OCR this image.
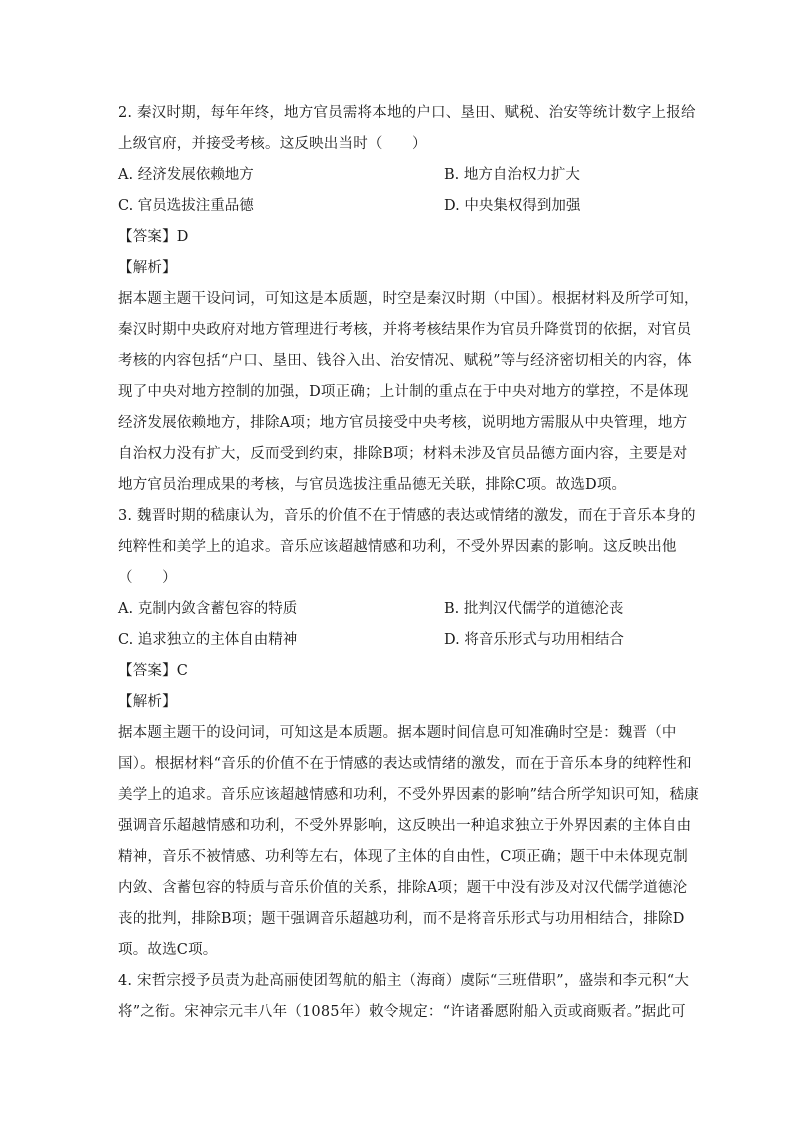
2. 秦汉时期，每年年终，地方官员需将本地的户口、垦田、赋税、治安等统计数字上报给
上级官府，并接受考核。这反映出当时（　　）
A. 经济发展依赖地方	B. 地方自治权力扩大
C. 官员选拔注重品德	D. 中央集权得到加强
【答案】D
【解析】
据本题主题干设问词，可知这是本质题，时空是秦汉时期（中国）。根据材料及所学可知，
秦汉时期中央政府对地方管理进行考核，并将考核结果作为官员升降赏罚的依据，对官员
考核的内容包括“户口、垦田、钱谷入出、治安情况、赋税”等与经济密切相关的内容，体
现了中央对地方控制的加强，D项正确；上计制的重点在于中央对地方的掌控，不是体现
经济发展依赖地方，排除A项；地方官员接受中央考核，说明地方需服从中央管理，地方
自治权力没有扩大，反而受到约束，排除B项；材料未涉及官员品德方面内容，主要是对
地方官员治理成果的考核，与官员选拔注重品德无关联，排除C项。故选D项。
3. 魏晋时期的嵇康认为，音乐的价值不在于情感的表达或情绪的激发，而在于音乐本身的
纯粹性和美学上的追求。音乐应该超越情感和功利，不受外界因素的影响。这反映出他
（　　）
A. 克制内敛含蓄包容的特质	B. 批判汉代儒学的道德沦丧
C. 追求独立的主体自由精神	D. 将音乐形式与功用相结合
【答案】C
【解析】
据本题主题干的设问词，可知这是本质题。据本题时间信息可知准确时空是：魏晋（中
国）。根据材料“音乐的价值不在于情感的表达或情绪的激发，而在于音乐本身的纯粹性和
美学上的追求。音乐应该超越情感和功利，不受外界因素的影响”结合所学知识可知，嵇康
强调音乐超越情感和功利，不受外界影响，这反映出一种追求独立于外界因素的主体自由
精神，音乐不被情感、功利等左右，体现了主体的自由性，C项正确；题干中未体现克制
内敛、含蓄包容的特质与音乐价值的关系，排除A项；题干中没有涉及对汉代儒学道德沦
丧的批判，排除B项；题干强调音乐超越功利，而不是将音乐形式与功用相结合，排除D
项。故选C项。
4. 宋哲宗授予员责为赴高丽使团驾航的船主（海商）虞际“三班借职”，盛崇和李元积“大
将”之衔。宋神宗元丰八年（1085年）敕令规定：“许诸番愿附船入贡或商贩者。”据此可
